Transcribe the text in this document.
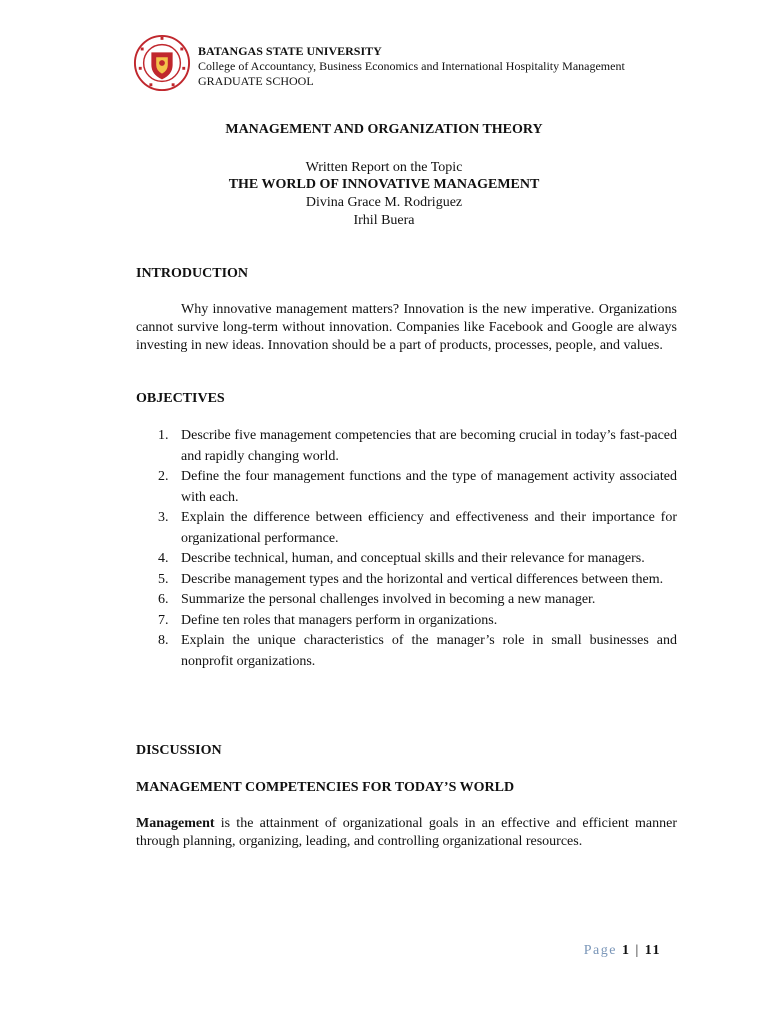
BATANGAS STATE UNIVERSITY
College of Accountancy, Business Economics and International Hospitality Management
GRADUATE SCHOOL
MANAGEMENT AND ORGANIZATION THEORY
Written Report on the Topic
THE WORLD OF INNOVATIVE MANAGEMENT
Divina Grace M. Rodriguez
Irhil Buera
INTRODUCTION
Why innovative management matters? Innovation is the new imperative. Organizations cannot survive long-term without innovation. Companies like Facebook and Google are always investing in new ideas. Innovation should be a part of products, processes, people, and values.
OBJECTIVES
1. Describe five management competencies that are becoming crucial in today’s fast-paced and rapidly changing world.
2. Define the four management functions and the type of management activity associated with each.
3. Explain the difference between efficiency and effectiveness and their importance for organizational performance.
4. Describe technical, human, and conceptual skills and their relevance for managers.
5. Describe management types and the horizontal and vertical differences between them.
6. Summarize the personal challenges involved in becoming a new manager.
7. Define ten roles that managers perform in organizations.
8. Explain the unique characteristics of the manager’s role in small businesses and nonprofit organizations.
DISCUSSION
MANAGEMENT COMPETENCIES FOR TODAY’S WORLD
Management is the attainment of organizational goals in an effective and efficient manner through planning, organizing, leading, and controlling organizational resources.
Page 1 | 11
